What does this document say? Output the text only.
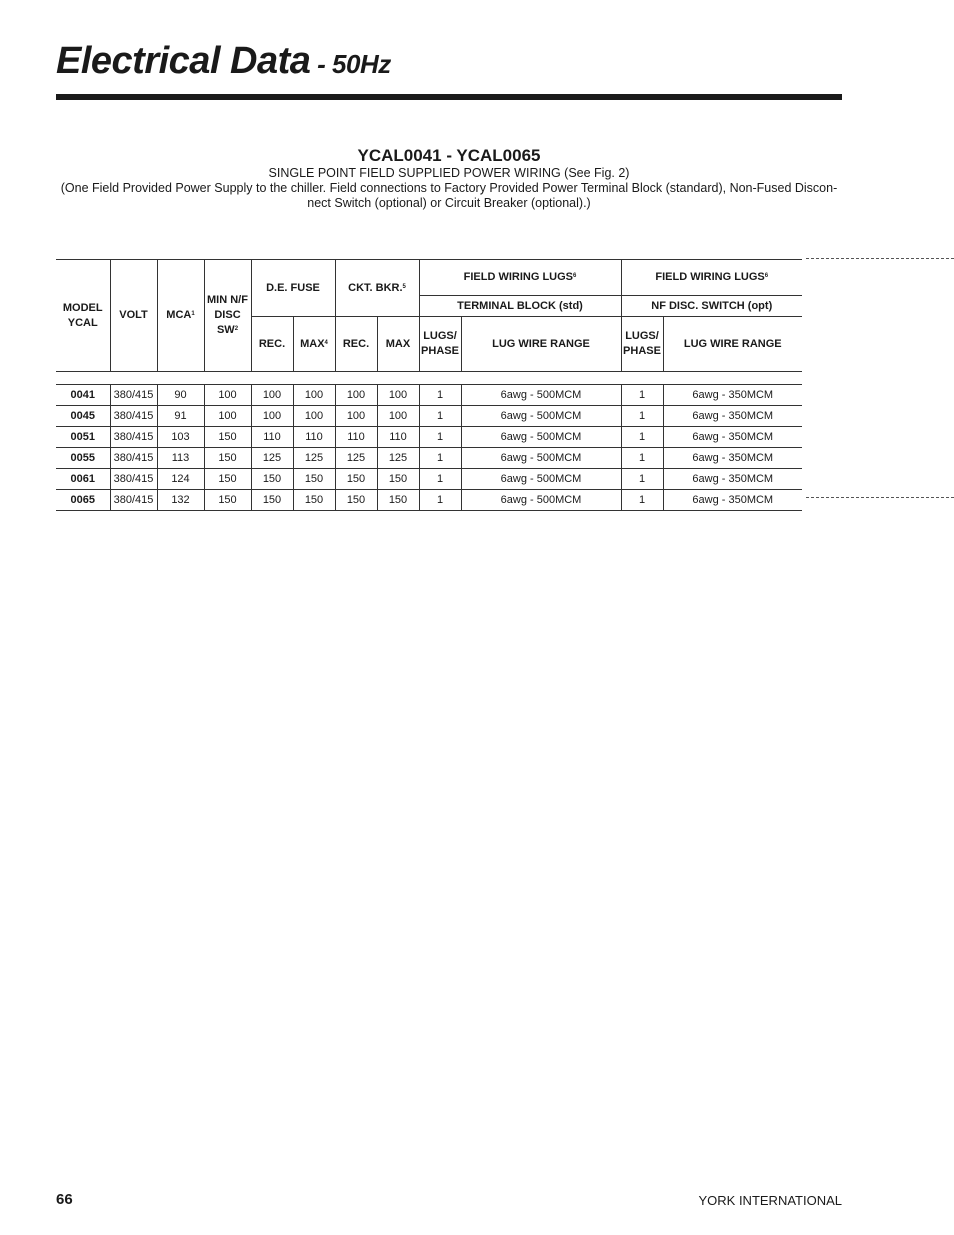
Electrical Data - 50Hz
YCAL0041 - YCAL0065
SINGLE POINT FIELD SUPPLIED POWER WIRING (See Fig. 2)
(One Field Provided Power Supply to the chiller. Field connections to Factory Provided Power Terminal Block (standard), Non-Fused Discon-nect Switch (optional) or Circuit Breaker (optional).)
MODEL YCAL	VOLT	MCA$^1$	MIN N/F DISC $SW^2$	D.E. FUSE		CKT. BKR.$^5$		FIELD WIRING LUGS$^6$		FIELD WIRING LUGS$^6$
								TERMINAL BLOCK (std)		NF DISC. SWITCH (opt)	
				REC.	MAX$^4$	REC.	MAX	LUGS/ PHASE	LUG WIRE RANGE	LUGS/ PHASE	LUG WIRE RANGE

0041	380/415	90	100	100	100	100	100	1	6awg - 500MCM	1	6awg - 350MCM
0045	380/415	91	100	100	100	100	100	1	6awg - 500MCM	1	6awg - 350MCM
0051	380/415	103	150	110	110	110	110	1	6awg - 500MCM	1	6awg - 350MCM
0055	380/415	113	150	125	125	125	125	1	6awg - 500MCM	1	6awg - 350MCM
0061	380/415	124	150	150	150	150	150	1	6awg - 500MCM	1	6awg - 350MCM
0065	380/415	132	150	150	150	150	150	1	6awg - 500MCM	1	6awg - 350MCM
66	YORK INTERNATIONAL
